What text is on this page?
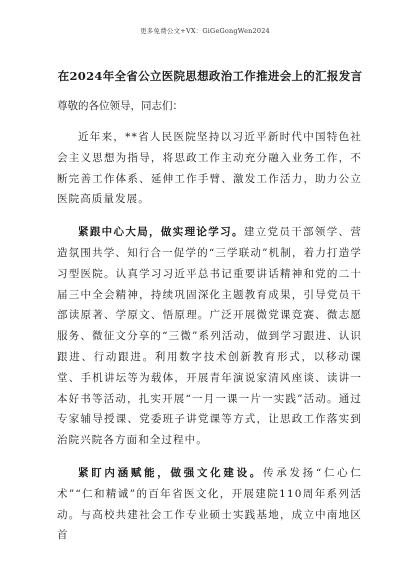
更多免费公文+VX：GiGeGongWen2024
在2024年全省公立医院思想政治工作推进会上的汇报发言
尊敬的各位领导，同志们：

近年来，**省人民医院坚持以习近平新时代中国特色社会主义思想为指导，将思政工作主动充分融入业务工作，不断完善工作体系、延伸工作手臂、激发工作活力，助力公立医院高质量发展。

紧跟中心大局，做实理论学习。建立党员干部领学、营造氛围共学、知行合一促学的“三学联动”机制，着力打造学习型医院。认真学习习近平总书记重要讲话精神和党的二十届三中全会精神，持续巩固深化主题教育成果，引导党员干部读原著、学原文、悟原理。广泛开展微党课竞赛、微志愿服务、微征文分享的“三微”系列活动，做到学习跟进、认识跟进、行动跟进。利用数字技术创新教育形式，以移动课堂、手机讲坛等为载体，开展青年演说家清风座谈、读讲一本好书等活动，扎实开展“一月一课一片一实践”活动。通过专家辅导授课、党委班子讲党课等方式，让思政工作落实到治院兴院各方面和全过程中。

紧盯内涵赋能，做强文化建设。传承发扬“仁心仁术”“仁和精诚”的百年省医文化，开展建院110周年系列活动。与高校共建社会工作专业硕士实践基地，成立中南地区首
